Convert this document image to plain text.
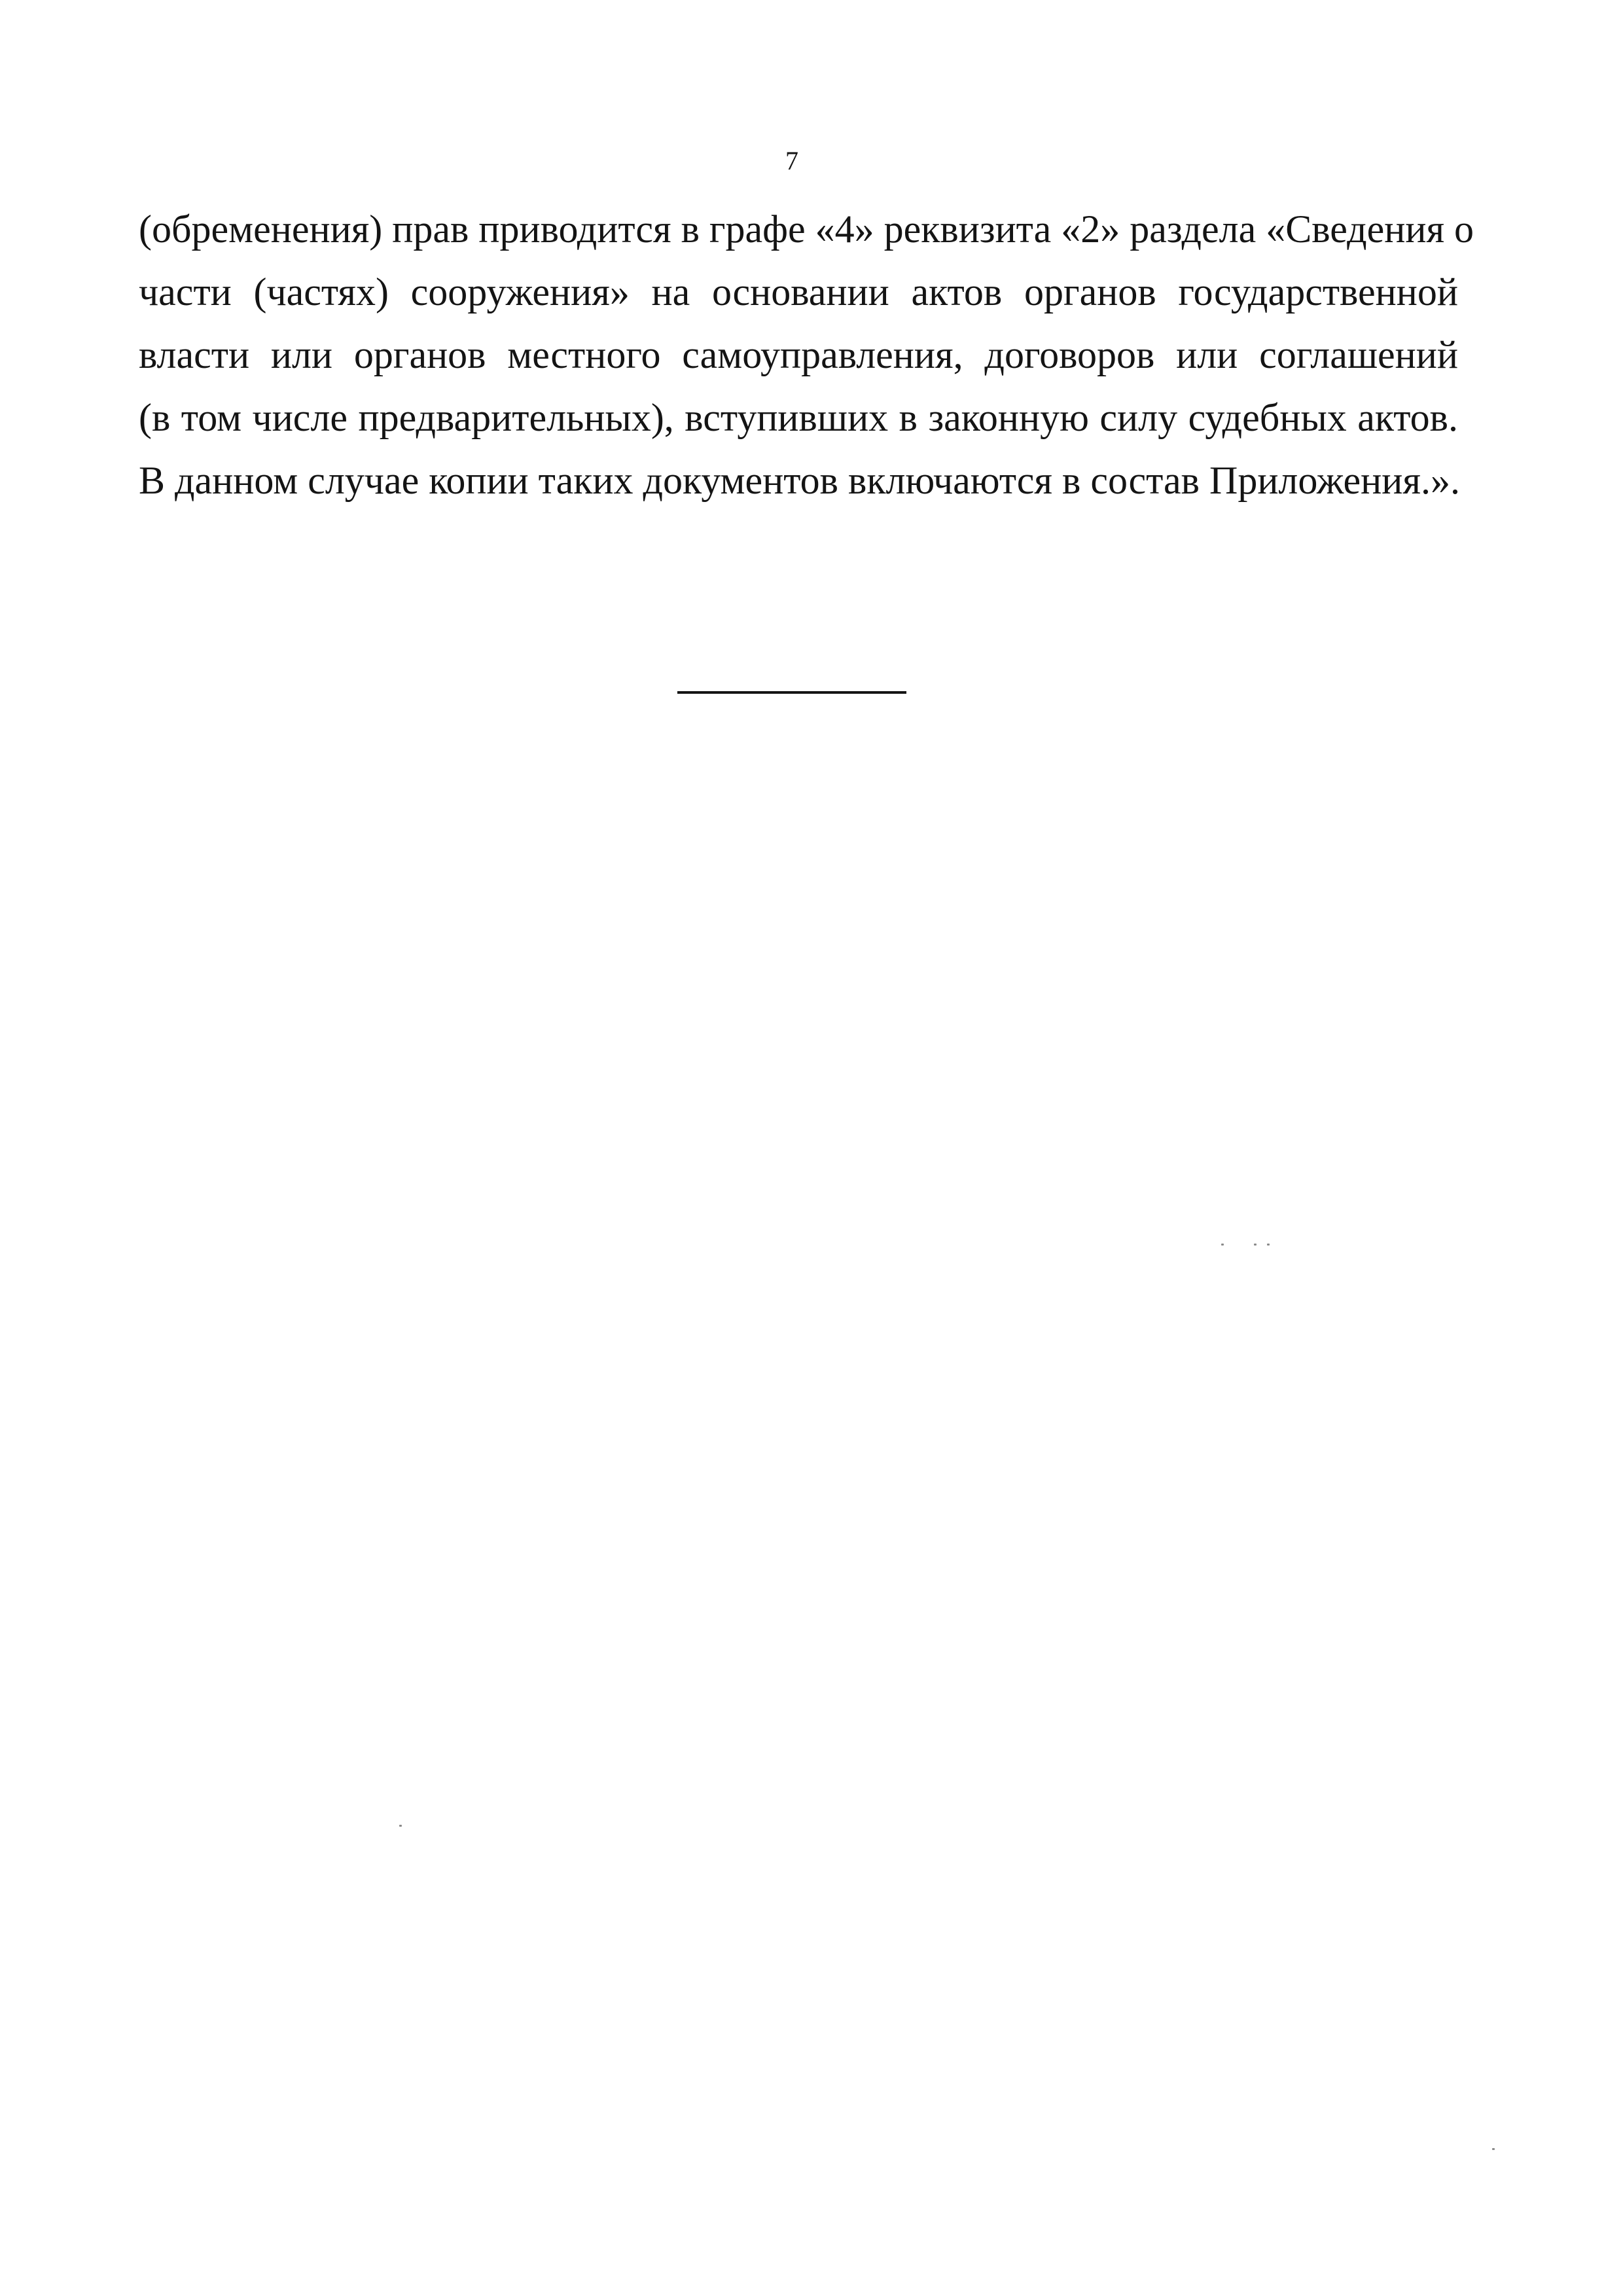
7

(обременения) прав приводится в графе «4» реквизита «2» раздела «Сведения о
части (частях) сооружения» на основании актов органов государственной
власти или органов местного самоуправления, договоров или соглашений
(в том числе предварительных), вступивших в законную силу судебных актов.
В данном случае копии таких документов включаются в состав Приложения.».
